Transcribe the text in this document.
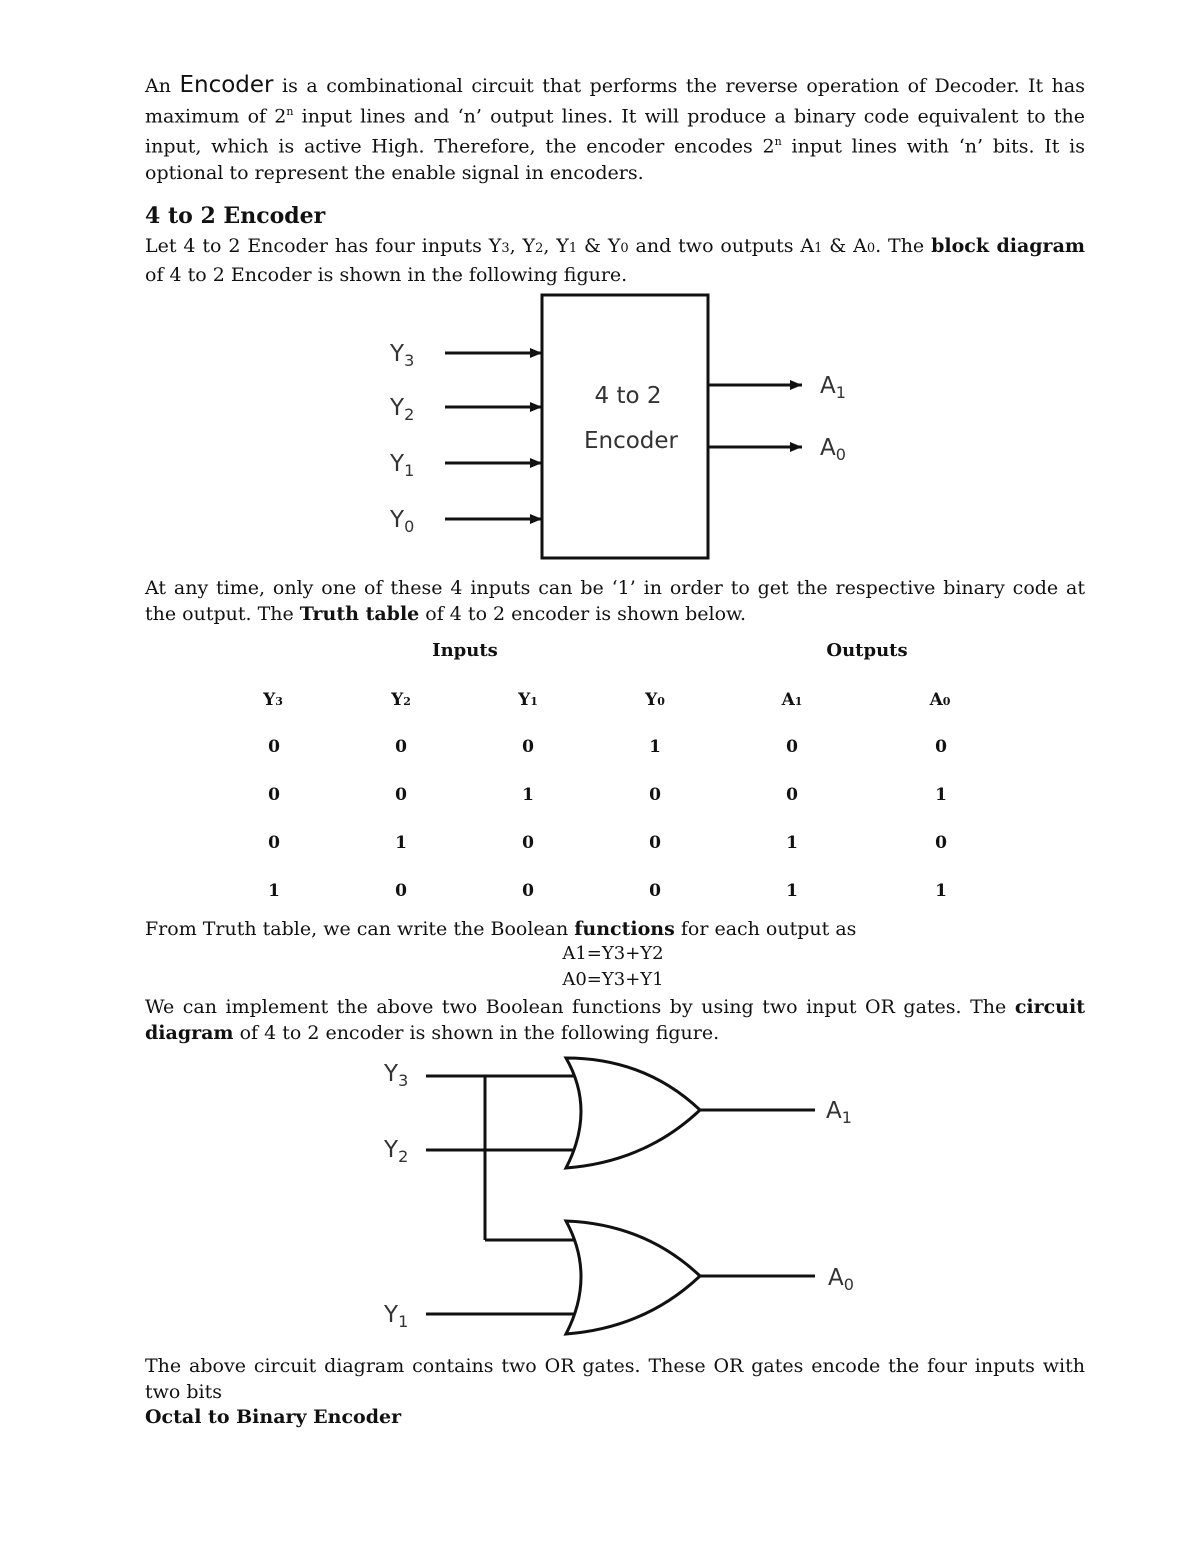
An Encoder is a combinational circuit that performs the reverse operation of Decoder. It has maximum of 2$^n$ input lines and ‘n’ output lines. It will produce a binary code equivalent to the input, which is active High. Therefore, the encoder encodes 2$^n$ input lines with ‘n’ bits. It is optional to represent the enable signal in encoders.

4 to 2 Encoder

Let 4 to 2 Encoder has four inputs Y3, Y2, Y1 & Y0 and two outputs A1 & A0. The block diagram of 4 to 2 Encoder is shown in the following figure.

4 to 2
Encoder
$Y_3$
$Y_2$
$Y_1$
$Y_0$
$A_1$
$A_0$

At any time, only one of these 4 inputs can be ‘1’ in order to get the respective binary code at the output. The Truth table of 4 to 2 encoder is shown below.

Inputs	Outputs
Y3	Y2	Y1	Y0	A1	A0
0	0	0	1	0	0
0	0	1	0	0	1
0	1	0	0	1	0
1	0	0	0	1	1

From Truth table, we can write the Boolean functions for each output as

A1=Y3+Y2
A0=Y3+Y1

We can implement the above two Boolean functions by using two input OR gates. The circuit diagram of 4 to 2 encoder is shown in the following figure.

$Y_3$
$Y_2$
$Y_1$
$A_1$
$A_0$

The above circuit diagram contains two OR gates. These OR gates encode the four inputs with two bits

Octal to Binary Encoder
